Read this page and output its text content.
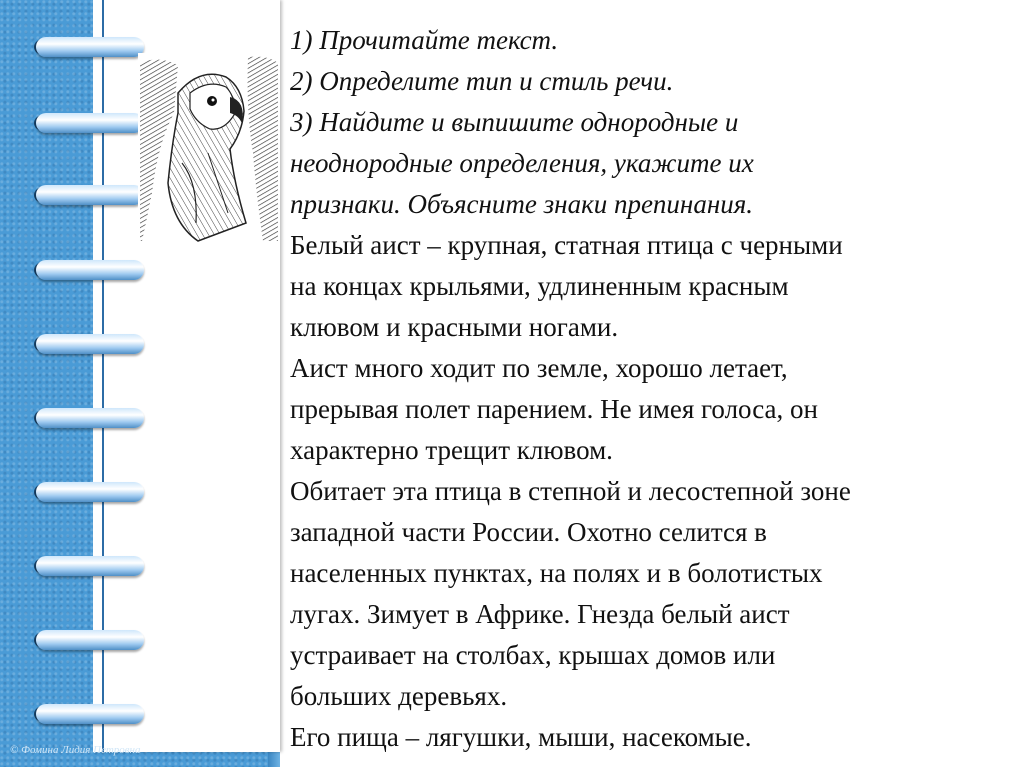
1) Прочитайте текст.

2) Определите тип и стиль речи.

3) Найдите и выпишите однородные и

неоднородные определения, укажите их

признаки. Объясните знаки препинания.

Белый аист – крупная, статная птица с черными

на концах крыльями, удлиненным красным

клювом и красными ногами.

Аист много ходит по земле, хорошо летает,

прерывая полет парением. Не имея голоса, он

характерно трещит клювом.

Обитает эта птица в степной и лесостепной зоне

западной части России. Охотно селится в

населенных пунктах, на полях и в болотистых

лугах. Зимует в Африке. Гнезда белый аист

устраивает на столбах, крышах домов или

больших деревьях.

Его пища – лягушки, мыши, насекомые.

© Фомина Лидия Петровна
